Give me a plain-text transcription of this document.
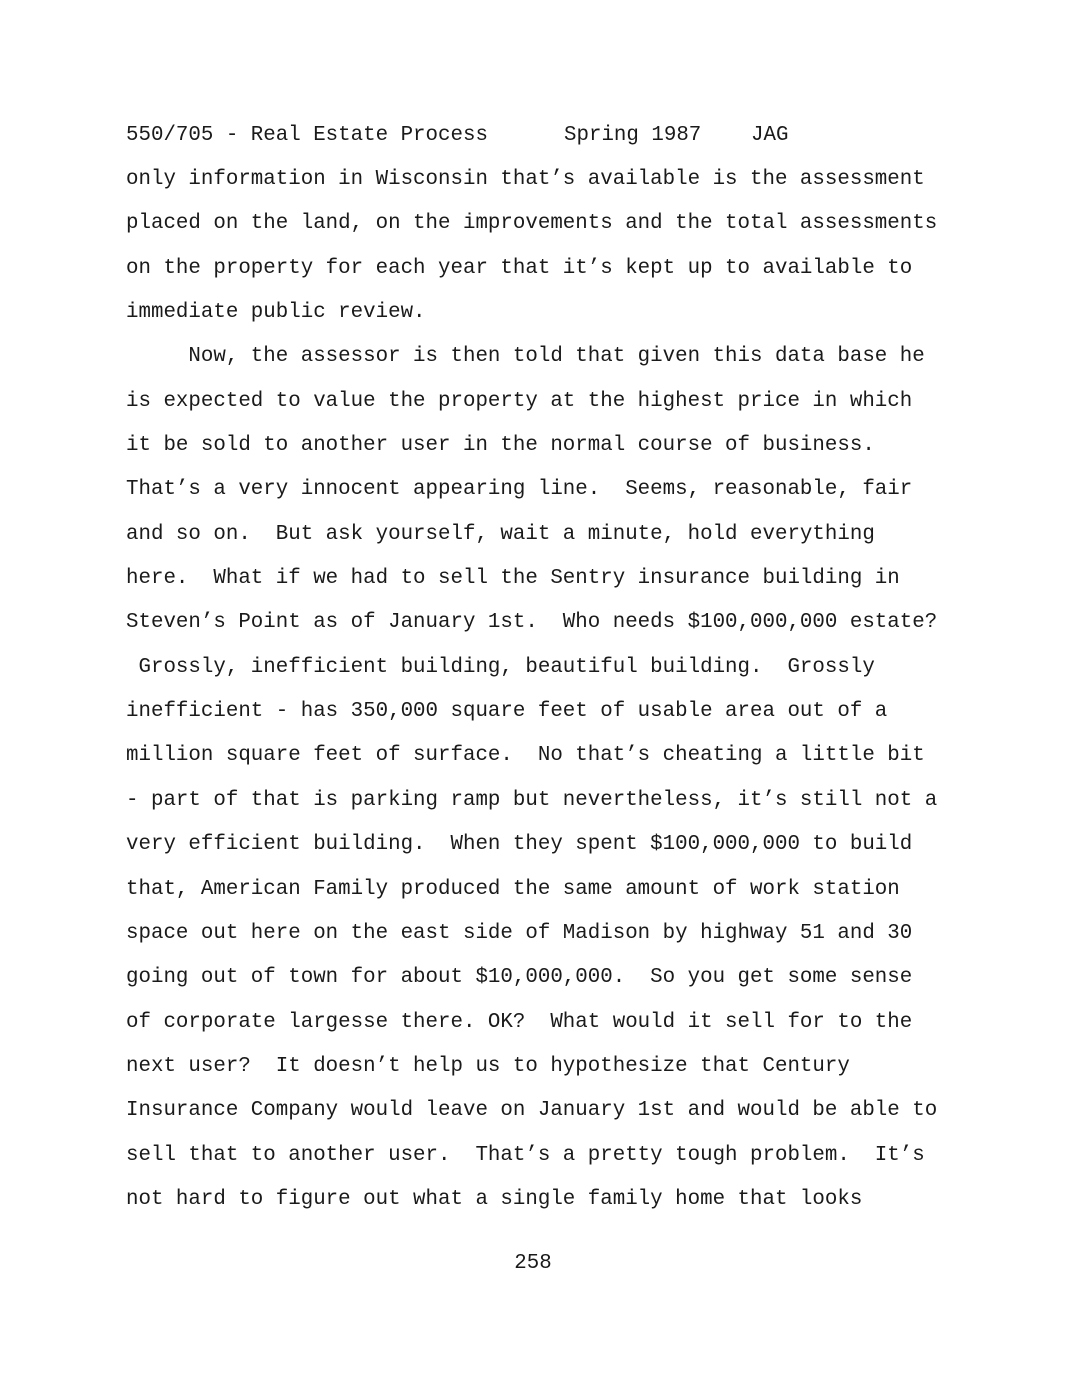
550/705 - Real Estate Process	Spring 1987 JAG
only information in Wisconsin that’s available is the assessment
placed on the land, on the improvements and the total assessments
on the property for each year that it’s kept up to available to
immediate public review.
Now, the assessor is then told that given this data base he
is expected to value the property at the highest price in which
it be sold to another user in the normal course of business.
That’s a very innocent appearing line.  Seems, reasonable, fair
and so on.  But ask yourself, wait a minute, hold everything
here.  What if we had to sell the Sentry insurance building in
Steven’s Point as of January 1st.  Who needs $100,000,000 estate?
Grossly, inefficient building, beautiful building.  Grossly
inefficient - has 350,000 square feet of usable area out of a
million square feet of surface.  No that’s cheating a little bit
- part of that is parking ramp but nevertheless, it’s still not a
very efficient building.  When they spent $100,000,000 to build
that, American Family produced the same amount of work station
space out here on the east side of Madison by highway 51 and 30
going out of town for about $10,000,000.  So you get some sense
of corporate largesse there. OK?  What would it sell for to the
next user?  It doesn’t help us to hypothesize that Century
Insurance Company would leave on January 1st and would be able to
sell that to another user.  That’s a pretty tough problem.  It’s
not hard to figure out what a single family home that looks
258
